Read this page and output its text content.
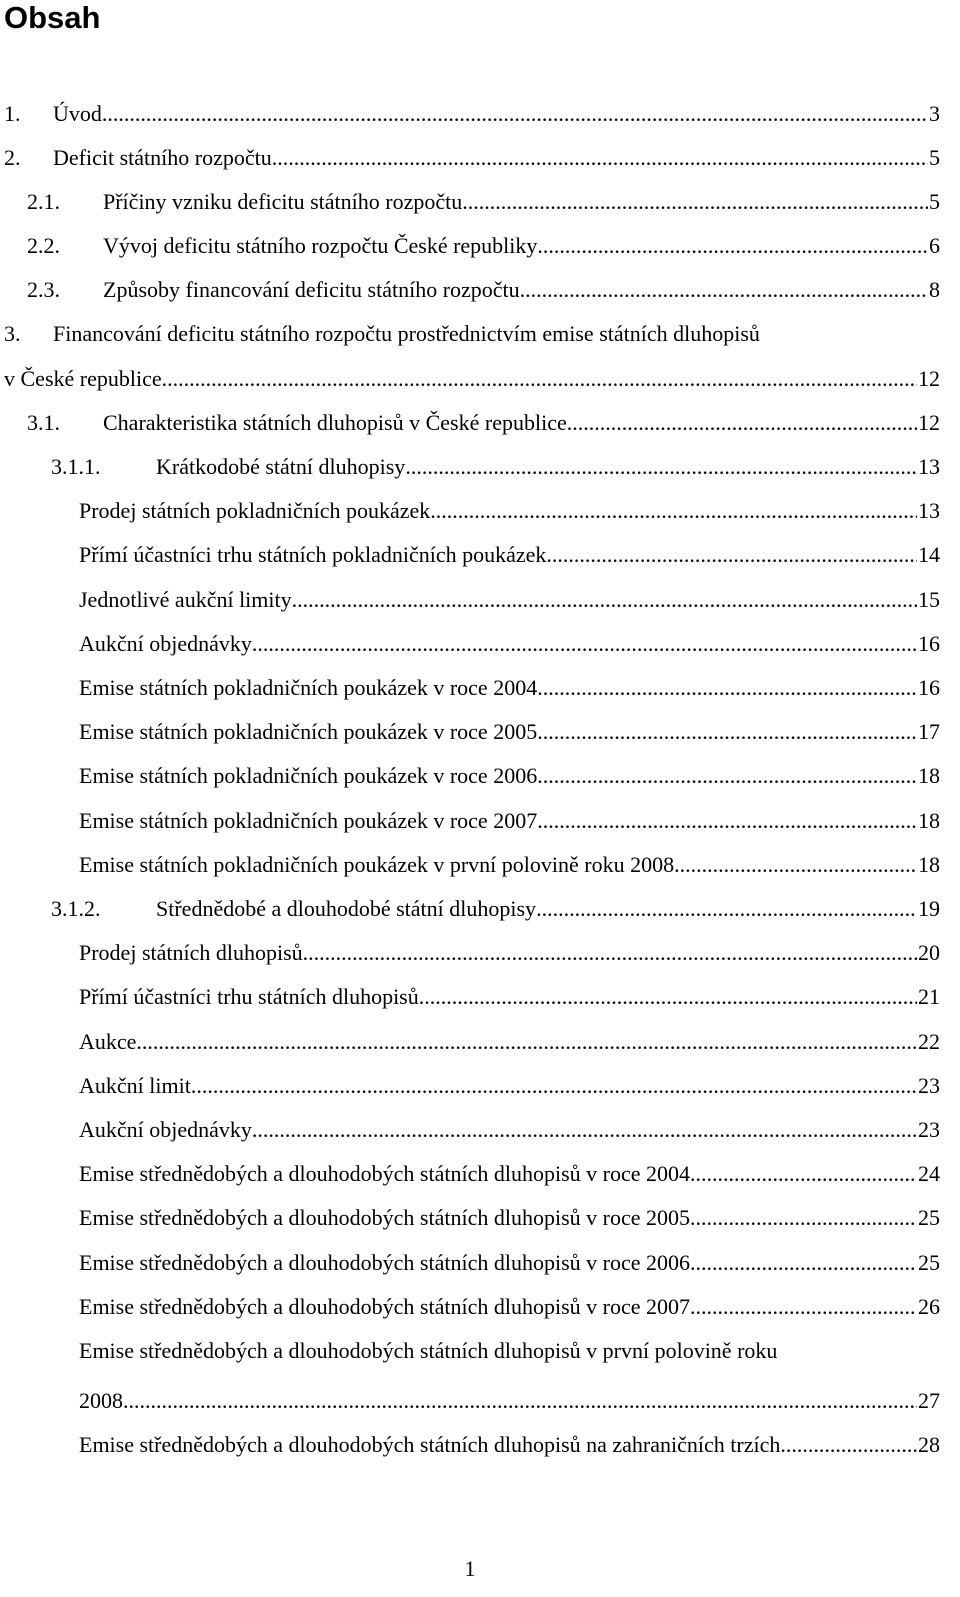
Obsah
1.	Úvod .....	3
2.	Deficit státního rozpočtu .....	5
2.1.	Příčiny vzniku deficitu státního rozpočtu .....	5
2.2.	Vývoj deficitu státního rozpočtu České republiky .....	6
2.3.	Způsoby financování deficitu státního rozpočtu .....	8
3. Financování deficitu státního rozpočtu prostřednictvím emise státních dluhopisů
v České republice .....	12
3.1.	Charakteristika státních dluhopisů v České republice .....	12
3.1.1.	Krátkodobé státní dluhopisy .....	13
Prodej státních pokladničních poukázek .....	13
Přímí účastníci trhu státních pokladničních poukázek .....	14
Jednotlivé aukční limity .....	15
Aukční objednávky .....	16
Emise státních pokladničních poukázek v roce 2004 .....	16
Emise státních pokladničních poukázek v roce 2005 .....	17
Emise státních pokladničních poukázek v roce 2006 .....	18
Emise státních pokladničních poukázek v roce 2007 .....	18
Emise státních pokladničních poukázek v první polovině roku 2008 .....	18
3.1.2.	Střednědobé a dlouhodobé státní dluhopisy .....	19
Prodej státních dluhopisů .....	20
Přímí účastníci trhu státních dluhopisů .....	21
Aukce .....	22
Aukční limit .....	23
Aukční objednávky .....	23
Emise střednědobých a dlouhodobých státních dluhopisů v roce 2004 .....	24
Emise střednědobých a dlouhodobých státních dluhopisů v roce 2005 .....	25
Emise střednědobých a dlouhodobých státních dluhopisů v roce 2006 .....	25
Emise střednědobých a dlouhodobých státních dluhopisů v roce 2007 .....	26
Emise střednědobých a dlouhodobých státních dluhopisů v první polovině roku
2008 .....	27
Emise střednědobých a dlouhodobých státních dluhopisů na zahraničních trzích. .....	28
1
